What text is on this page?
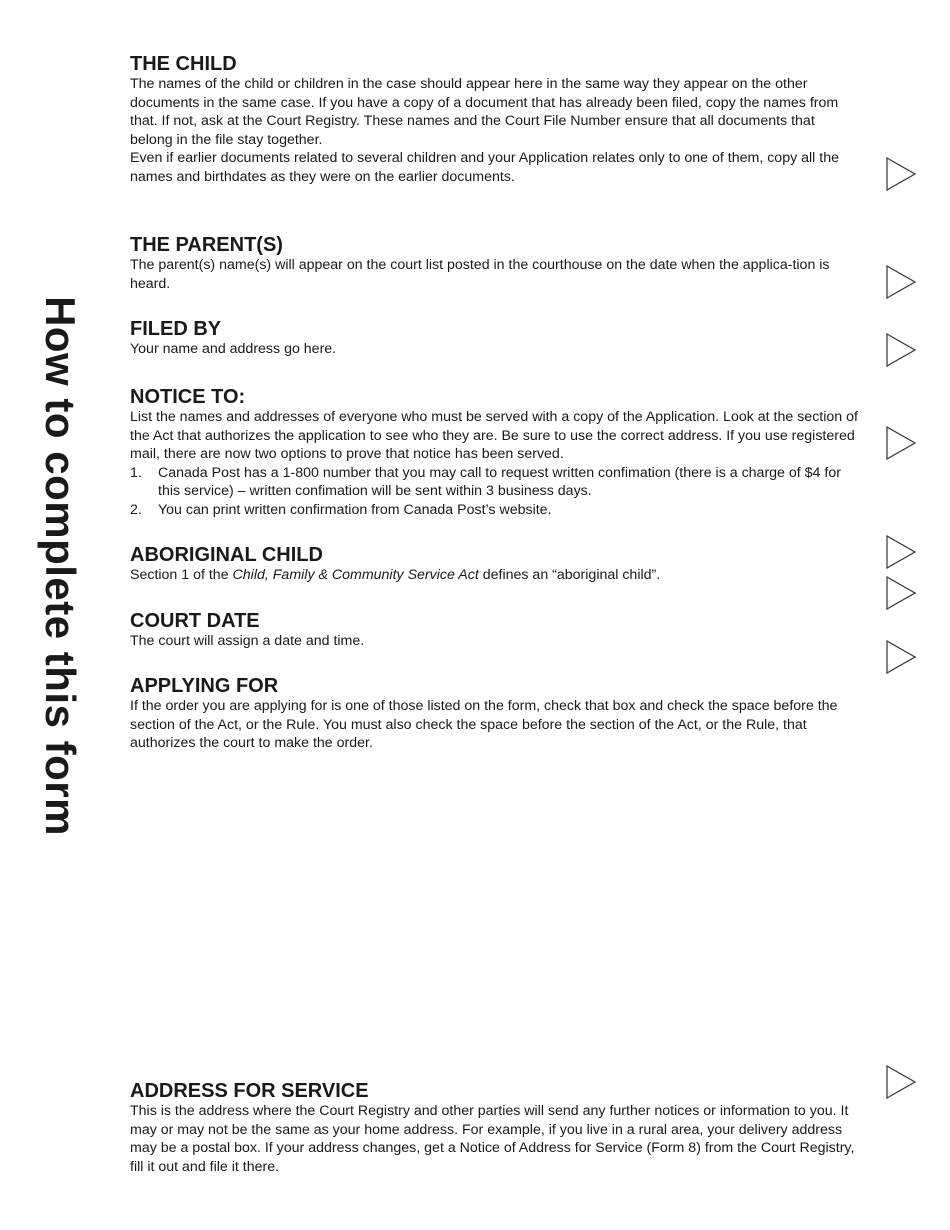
How to complete this form
THE CHILD

The names of the child or children in the case should appear here in the same way they appear on the other documents in the same case. If you have a copy of a document that has already been filed, copy the names from that. If not, ask at the Court Registry. These names and the Court File Number ensure that all documents that belong in the file stay together.

Even if earlier documents related to several children and your Application relates only to one of them, copy all the names and birthdates as they were on the earlier documents.

THE PARENT(S)

The parent(s) name(s) will appear on the court list posted in the courthouse on the date when the applica-tion is heard.

FILED BY

Your name and address go here.

NOTICE TO:

List the names and addresses of everyone who must be served with a copy of the Application. Look at the section of the Act that authorizes the application to see who they are. Be sure to use the correct address. If you use registered mail, there are now two options to prove that notice has been served.

1.	Canada Post has a 1-800 number that you may call to request written confimation (there is a charge of $4 for this service) – written confimation will be sent within 3 business days.
2.	You can print written confirmation from Canada Post’s website.
ABORIGINAL CHILD

Section 1 of the Child, Family & Community Service Act defines an “aboriginal child”.

COURT DATE

The court will assign a date and time.

APPLYING FOR

If the order you are applying for is one of those listed on the form, check that box and check the space before the section of the Act, or the Rule. You must also check the space before the section of the Act, or the Rule, that authorizes the court to make the order.

ADDRESS FOR SERVICE

This is the address where the Court Registry and other parties will send any further notices or information to you. It may or may not be the same as your home address. For example, if you live in a rural area, your delivery address may be a postal box. If your address changes, get a Notice of Address for Service (Form 8) from the Court Registry, fill it out and file it there.
